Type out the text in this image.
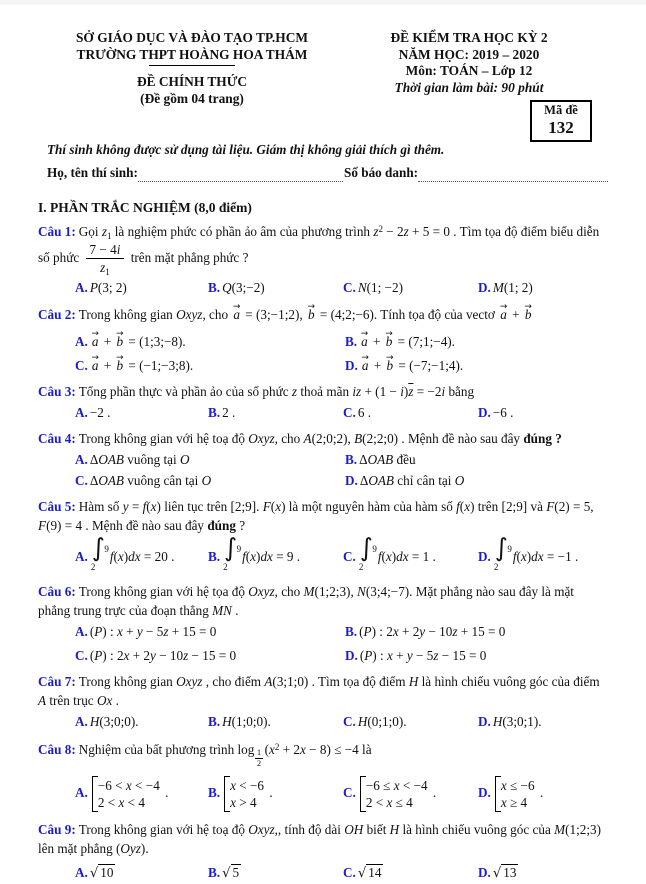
SỞ GIÁO DỤC VÀ ĐÀO TẠO TP.HCM
TRƯỜNG THPT HOÀNG HOA THÁM
ĐỀ CHÍNH THỨC
(Đề gồm 04 trang)
ĐỀ KIỂM TRA HỌC KỲ 2
NĂM HỌC: 2019 – 2020
Môn: TOÁN – Lớp 12
Thời gian làm bài: 90 phút
Mã đề
132
Thí sinh không được sử dụng tài liệu. Giám thị không giải thích gì thêm.
Họ, tên thí sinh:	Số báo danh:
I. PHẦN TRẮC NGHIỆM (8,0 điểm)

Câu 1: Gọi $z_1$ là nghiệm phức có phần ảo âm của phương trình $z^2 - 2z + 5 = 0$ . Tìm tọa độ điểm biểu diễn số phức $\frac{7 - 4i}{z_1}$ trên mặt phẳng phức ?

A. P(3; 2)	B. Q(3;−2)	C. N(1; −2)	D. M(1; 2)

Câu 2: Trong không gian Oxyz, cho → a = (3;−1;2), → b = (4;2;−6). Tính tọa độ của vectơ → a + → b

A. → a + → b = (1;3;−8).	B. → a + → b = (7;1;−4).
C. → a + → b = (−1;−3;8).	D. → a + → b = (−7;−1;4).

Câu 3: Tổng phần thực và phần ảo của số phức z thoả mãn iz + $(1 - i)\overline{z} = -2i$ bằng

A. −2 .	B. 2 .	C. 6 .	D. −6 .

Câu 4: Trong không gian với hệ toạ độ Oxyz, cho A(2;0;2), B(2;2;0) . Mệnh đề nào sau đây đúng ?

A. ΔOAB vuông tại O	B. ΔOAB đều
C. ΔOAB vuông cân tại O	D. ΔOAB chỉ cân tại O

Câu 5: Hàm số y = f(x) liên tục trên [2;9]. F(x) là một nguyên hàm của hàm số f(x) trên [2;9] và F(2) = 5, F(9) = 4 . Mệnh đề nào sau đây đúng ?

A. ∫ 9
2
f(x)dx = 20 .	B. ∫ 9
2
f(x)dx = 9 .	C. ∫ 9
2
f(x)dx = 1 .	D. ∫ 9
2
f(x)dx = −1 .

Câu 6: Trong không gian với hệ tọa độ Oxyz, cho M(1;2;3), N(3;4;−7). Mặt phẳng nào sau đây là mặt phẳng trung trực của đoạn thẳng MN .

A. (P) : x + y − 5z + 15 = 0	B. (P) : 2x + 2y − 10z + 15 = 0
C. (P) : 2x + 2y − 10z − 15 = 0	D. (P) : x + y − 5z − 15 = 0

Câu 7: Trong không gian Oxyz , cho điểm A(3;1;0) . Tìm tọa độ điểm H là hình chiếu vuông góc của điểm A trên trục Ox .

A. H(3;0;0).	B. H(1;0;0).	C. H(0;1;0).	D. H(3;0;1).

Câu 8: Nghiệm của bất phương trình $\log \frac{1}{2} (x^2 + 2x - 8) \le -4$ là

A. −6 < x < −4
2 < x < 4
.	B. x < −6
x > 4
.	C. −6 ≤ x < −4
2 < x ≤ 4
.	D. x ≤ −6
x ≥ 4
.

Câu 9: Trong không gian với hệ toạ độ Oxyz,, tính độ dài OH biết H là hình chiếu vuông góc của M(1;2;3) lên mặt phẳng (Oyz).

A. √ 10	B. √ 5	C. √ 14	D. √ 13
